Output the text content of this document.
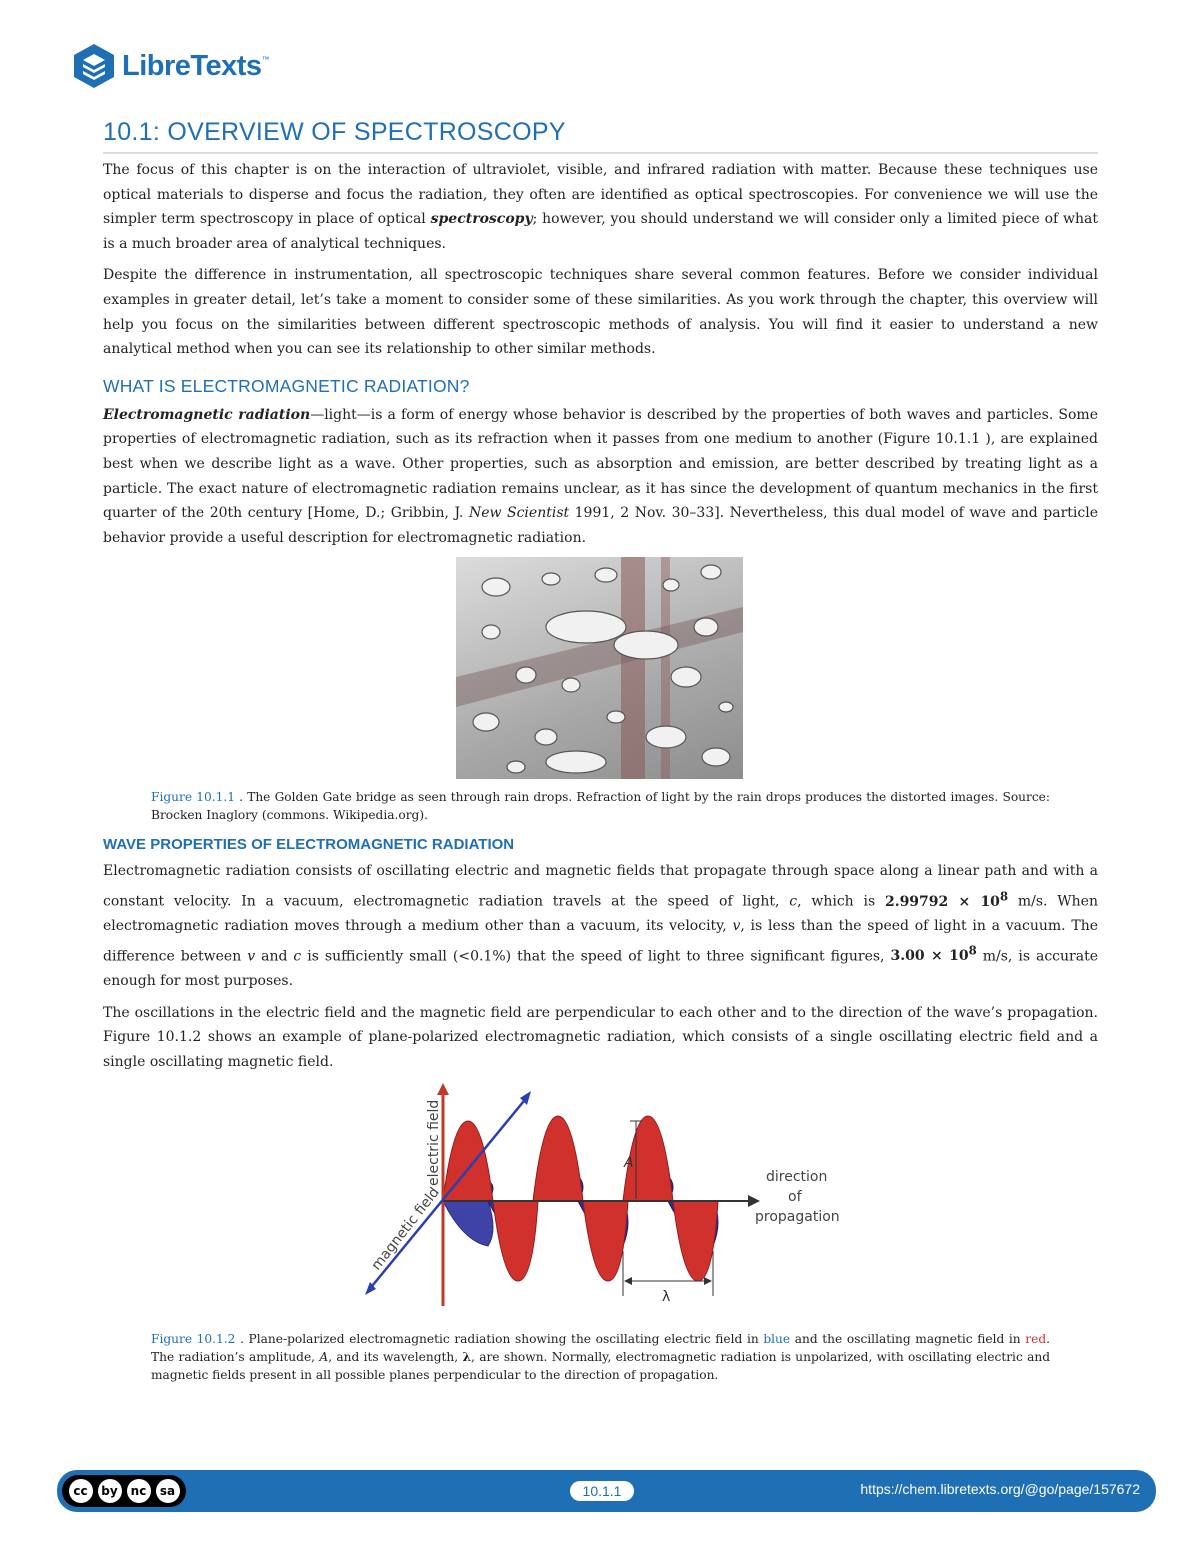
LibreTexts ™
10.1: OVERVIEW OF SPECTROSCOPY

The focus of this chapter is on the interaction of ultraviolet, visible, and infrared radiation with matter. Because these techniques use optical materials to disperse and focus the radiation, they often are identified as optical spectroscopies. For convenience we will use the simpler term spectroscopy in place of optical spectroscopy; however, you should understand we will consider only a limited piece of what is a much broader area of analytical techniques.

Despite the difference in instrumentation, all spectroscopic techniques share several common features. Before we consider individual examples in greater detail, let’s take a moment to consider some of these similarities. As you work through the chapter, this overview will help you focus on the similarities between different spectroscopic methods of analysis. You will find it easier to understand a new analytical method when you can see its relationship to other similar methods.

WHAT IS ELECTROMAGNETIC RADIATION?

Electromagnetic radiation—light—is a form of energy whose behavior is described by the properties of both waves and particles. Some properties of electromagnetic radiation, such as its refraction when it passes from one medium to another (Figure 10.1.1 ), are explained best when we describe light as a wave. Other properties, such as absorption and emission, are better described by treating light as a particle. The exact nature of electromagnetic radiation remains unclear, as it has since the development of quantum mechanics in the first quarter of the 20th century [Home, D.; Gribbin, J. New Scientist 1991, 2 Nov. 30–33]. Nevertheless, this dual model of wave and particle behavior provide a useful description for electromagnetic radiation.

Figure 10.1.1 . The Golden Gate bridge as seen through rain drops. Refraction of light by the rain drops produces the distorted images. Source: Brocken Inaglory (commons. Wikipedia.org).

WAVE PROPERTIES OF ELECTROMAGNETIC RADIATION

Electromagnetic radiation consists of oscillating electric and magnetic fields that propagate through space along a linear path and with a constant velocity. In a vacuum, electromagnetic radiation travels at the speed of light, c, which is $2.99792 \times 10^8$ m/s. When electromagnetic radiation moves through a medium other than a vacuum, its velocity, v, is less than the speed of light in a vacuum. The difference between v and c is sufficiently small (<0.1%) that the speed of light to three significant figures, $3.00 \times 10^8$ m/s, is accurate enough for most purposes.

The oscillations in the electric field and the magnetic field are perpendicular to each other and to the direction of the wave’s propagation. Figure 10.1.2 shows an example of plane-polarized electromagnetic radiation, which consists of a single oscillating electric field and a single oscillating magnetic field.

electric field
magnetic field
direction
of
propagation
A
λ

Figure 10.1.2 . Plane-polarized electromagnetic radiation showing the oscillating electric field in blue and the oscillating magnetic field in red. The radiation’s amplitude, A, and its wavelength, λ, are shown. Normally, electromagnetic radiation is unpolarized, with oscillating electric and magnetic fields present in all possible planes perpendicular to the direction of propagation.

cc	by	nc	sa	10.1.1	https://chem.libretexts.org/@go/page/157672
